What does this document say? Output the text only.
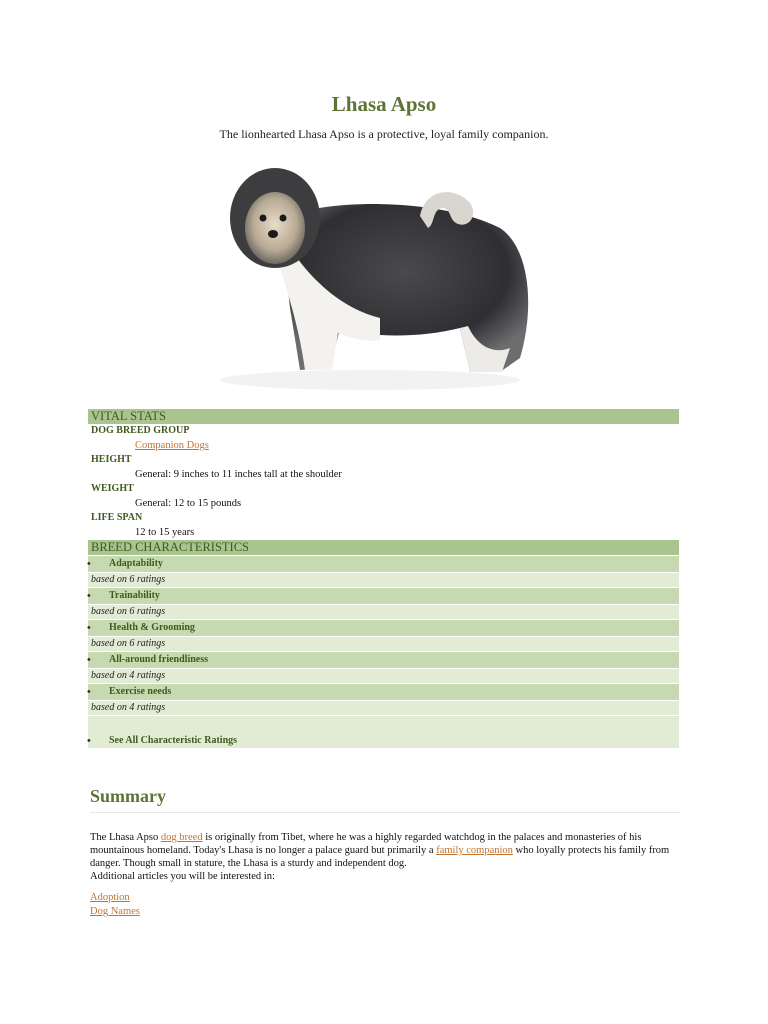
Lhasa Apso

The lionhearted Lhasa Apso is a protective, loyal family companion.

VITAL STATS
DOG BREED GROUP
Companion Dogs
HEIGHT
General: 9 inches to 11 inches tall at the shoulder
WEIGHT
General: 12 to 15 pounds
LIFE SPAN
12 to 15 years
BREED CHARACTERISTICS
• Adaptability
based on 6 ratings
• Trainability
based on 6 ratings
• Health & Grooming
based on 6 ratings
• All-around friendliness
based on 4 ratings
• Exercise needs
based on 4 ratings
• See All Characteristic Ratings
Summary
The Lhasa Apso dog breed is originally from Tibet, where he was a highly regarded watchdog in the palaces and monasteries of his mountainous homeland. Today's Lhasa is no longer a palace guard but primarily a family companion who loyally protects his family from danger. Though small in stature, the Lhasa is a sturdy and independent dog.
Additional articles you will be interested in:
Adoption
Dog Names
